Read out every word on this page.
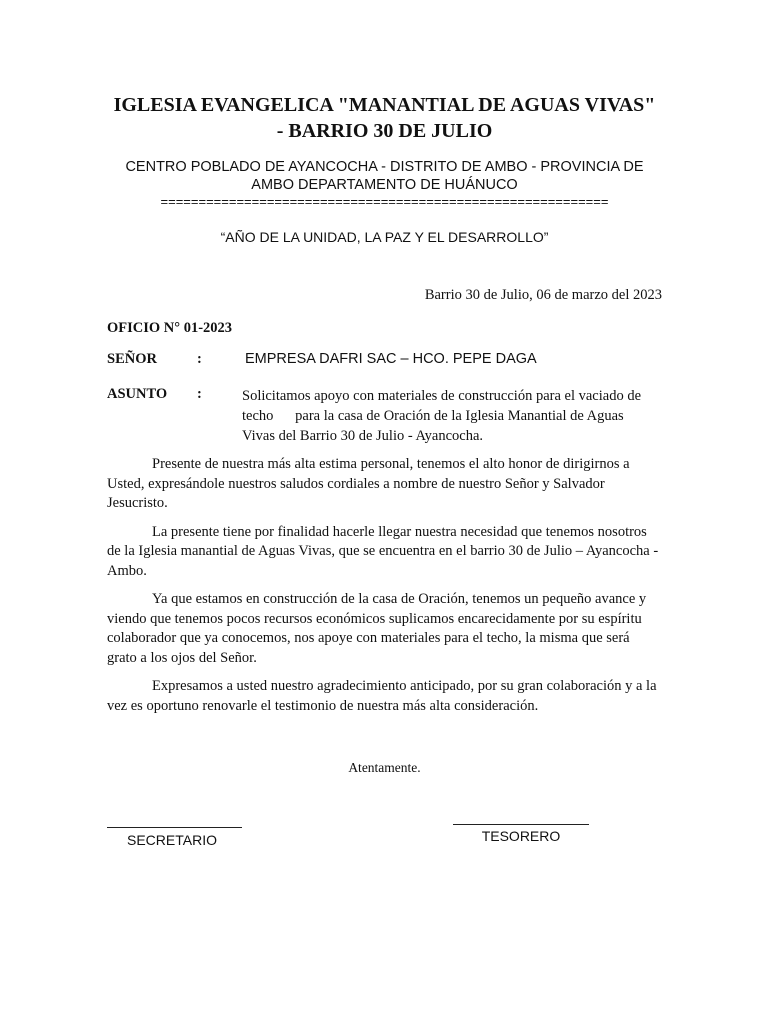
IGLESIA EVANGELICA "MANANTIAL DE AGUAS VIVAS"
- BARRIO 30 DE JULIO

CENTRO POBLADO DE AYANCOCHA - DISTRITO DE AMBO - PROVINCIA DE
AMBO DEPARTAMENTO DE HUÁNUCO

===========================================================
“AÑO DE LA UNIDAD, LA PAZ Y EL DESARROLLO”
Barrio 30 de Julio, 06 de marzo del 2023
OFICIO N° 01-2023
SEÑOR	:	EMPRESA DAFRI SAC – HCO. PEPE DAGA
ASUNTO	:	Solicitamos apoyo con materiales de construcción para el vaciado de
techo      para la casa de Oración de la Iglesia Manantial de Aguas
Vivas del Barrio 30 de Julio - Ayancocha.

Presente de nuestra más alta estima personal, tenemos el alto honor de dirigirnos a Usted, expresándole nuestros saludos cordiales a nombre de nuestro Señor y Salvador Jesucristo.

La presente tiene por finalidad hacerle llegar nuestra necesidad que tenemos nosotros de la Iglesia manantial de Aguas Vivas, que se encuentra en el barrio 30 de Julio – Ayancocha -Ambo.

Ya que estamos en construcción de la casa de Oración, tenemos un pequeño avance y viendo que tenemos pocos recursos económicos suplicamos encarecidamente por su espíritu colaborador que ya conocemos, nos apoye con materiales para el techo, la misma que será grato a los ojos del Señor.

Expresamos a usted nuestro agradecimiento anticipado, por su gran colaboración y a la vez es oportuno renovarle el testimonio de nuestra más alta consideración.

Atentamente.
SECRETARIO	TESORERO
